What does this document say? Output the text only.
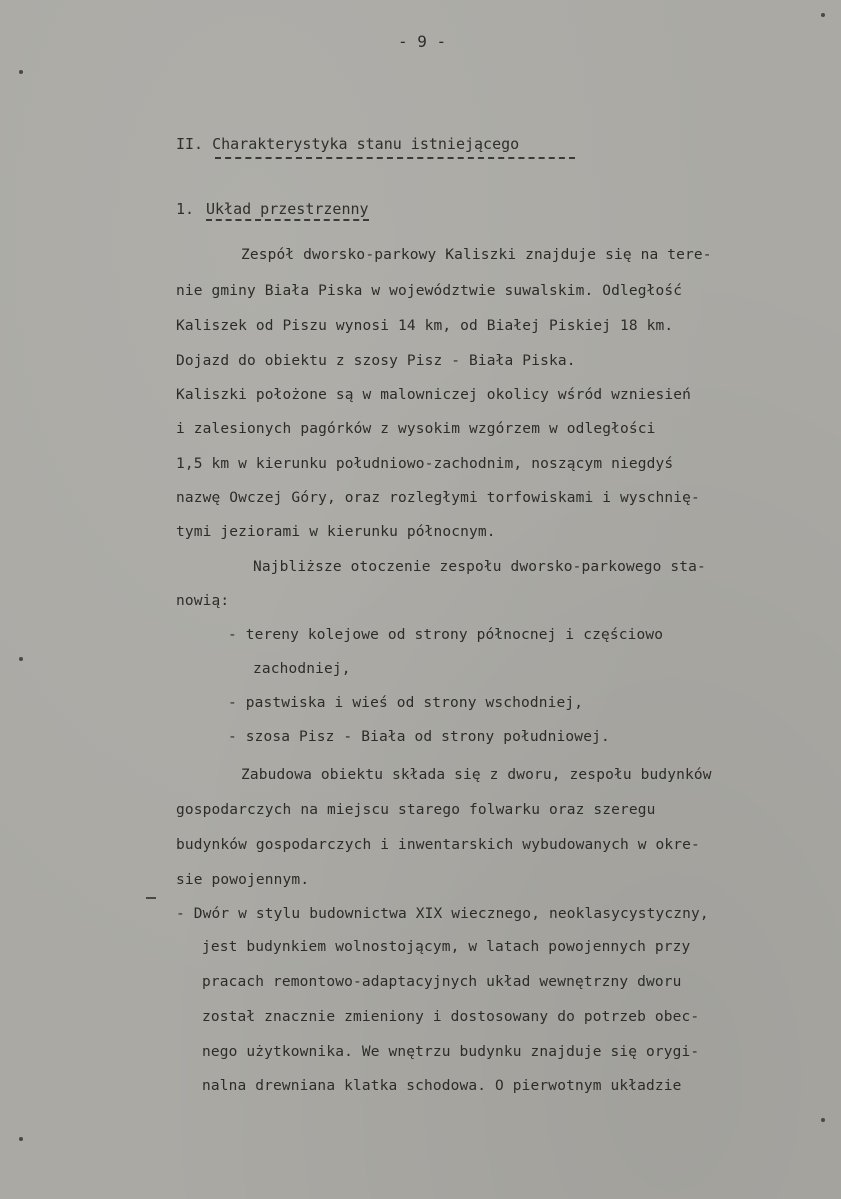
- 9 -
II. Charakterystyka stanu istniejącego
1. Układ przestrzenny
Zespół dworsko-parkowy Kaliszki znajduje się na tere-
nie gminy Biała Piska w województwie suwalskim. Odległość
Kaliszek od Piszu wynosi 14 km, od Białej Piskiej 18 km.
Dojazd do obiektu z szosy Pisz - Biała Piska.
Kaliszki położone są w malowniczej okolicy wśród wzniesień
i zalesionych pagórków z wysokim wzgórzem w odległości
1,5 km w kierunku południowo-zachodnim, noszącym niegdyś
nazwę Owczej Góry, oraz rozległymi torfowiskami i wyschnię-
tymi jeziorami w kierunku północnym.
Najbliższe otoczenie zespołu dworsko-parkowego sta-
nowią:
- tereny kolejowe od strony północnej i częściowo
zachodniej,
- pastwiska i wieś od strony wschodniej,
- szosa Pisz - Biała od strony południowej.
Zabudowa obiektu składa się z dworu, zespołu budynków
gospodarczych na miejscu starego folwarku oraz szeregu
budynków gospodarczych i inwentarskich wybudowanych w okre-
sie powojennym.
- Dwór w stylu budownictwa XIX wiecznego, neoklasycystyczny,
jest budynkiem wolnostojącym, w latach powojennych przy
pracach remontowo-adaptacyjnych układ wewnętrzny dworu
został znacznie zmieniony i dostosowany do potrzeb obec-
nego użytkownika. We wnętrzu budynku znajduje się orygi-
nalna drewniana klatka schodowa. O pierwotnym układzie
